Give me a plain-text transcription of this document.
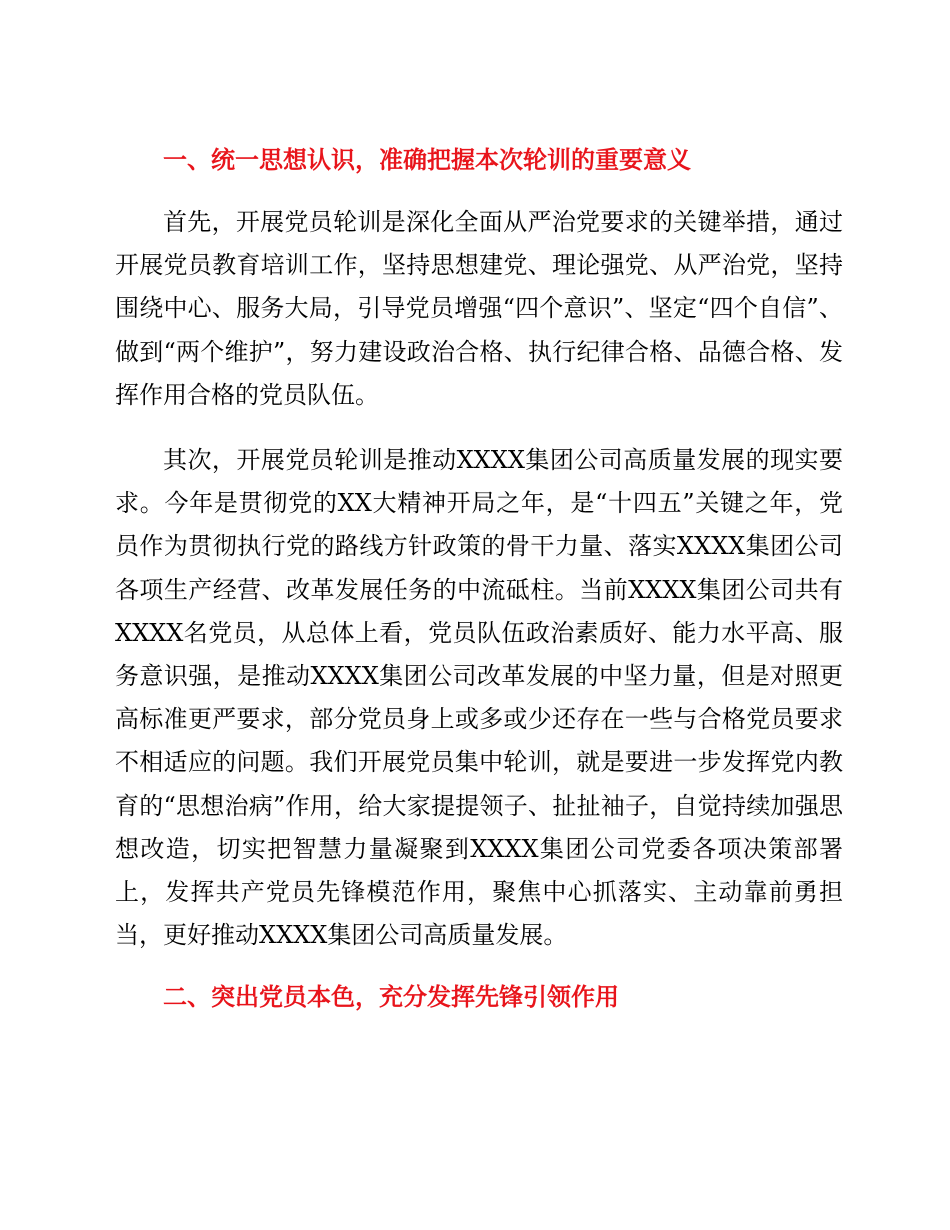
一、统一思想认识，准确把握本次轮训的重要意义

首先，开展党员轮训是深化全面从严治党要求的关键举措，通过开展党员教育培训工作，坚持思想建党、理论强党、从严治党，坚持围绕中心、服务大局，引导党员增强“四个意识”、坚定“四个自信”、做到“两个维护”，努力建设政治合格、执行纪律合格、品德合格、发挥作用合格的党员队伍。

其次，开展党员轮训是推动XXXX集团公司高质量发展的现实要求。今年是贯彻党的XX大精神开局之年，是“十四五”关键之年，党员作为贯彻执行党的路线方针政策的骨干力量、落实XXXX集团公司各项生产经营、改革发展任务的中流砥柱。当前XXXX集团公司共有XXXX名党员，从总体上看，党员队伍政治素质好、能力水平高、服务意识强，是推动XXXX集团公司改革发展的中坚力量，但是对照更高标准更严要求，部分党员身上或多或少还存在一些与合格党员要求不相适应的问题。我们开展党员集中轮训，就是要进一步发挥党内教育的“思想治病”作用，给大家提提领子、扯扯袖子，自觉持续加强思想改造，切实把智慧力量凝聚到XXXX集团公司党委各项决策部署上，发挥共产党员先锋模范作用，聚焦中心抓落实、主动靠前勇担当，更好推动XXXX集团公司高质量发展。

二、突出党员本色，充分发挥先锋引领作用
